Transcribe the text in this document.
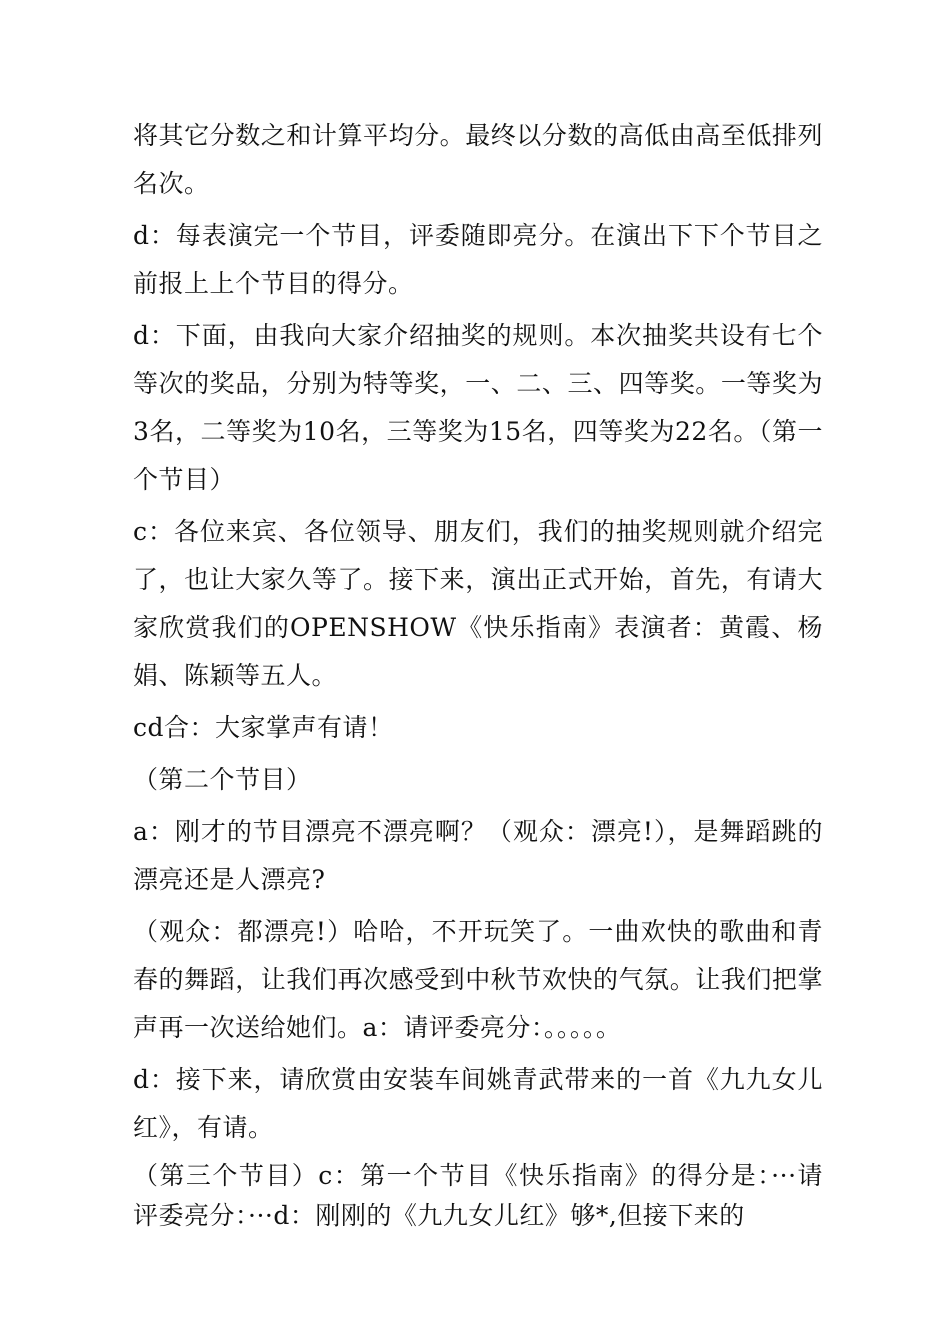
将其它分数之和计算平均分。最终以分数的高低由高至低排列名次。

d：每表演完一个节目，评委随即亮分。在演出下下个节目之前报上上个节目的得分。

d：下面，由我向大家介绍抽奖的规则。本次抽奖共设有七个等次的奖品，分别为特等奖，一、二、三、四等奖。一等奖为3名，二等奖为10名，三等奖为15名，四等奖为22名。（第一个节目）

c：各位来宾、各位领导、朋友们，我们的抽奖规则就介绍完了，也让大家久等了。接下来，演出正式开始，首先，有请大家欣赏我们的OPENSHOW《快乐指南》表演者：黄霞、杨娟、陈颖等五人。

cd合：大家掌声有请！

（第二个节目）

a：刚才的节目漂亮不漂亮啊？（观众：漂亮!），是舞蹈跳的漂亮还是人漂亮?

（观众：都漂亮!）哈哈，不开玩笑了。一曲欢快的歌曲和青春的舞蹈，让我们再次感受到中秋节欢快的气氛。让我们把掌声再一次送给她们。a：请评委亮分：。。。。。

d：接下来，请欣赏由安装车间姚青武带来的一首《九九女儿红》，有请。

（第三个节目）c：第一个节目《快乐指南》的得分是：···请评委亮分：···d：刚刚的《九九女儿红》够*,但接下来的
